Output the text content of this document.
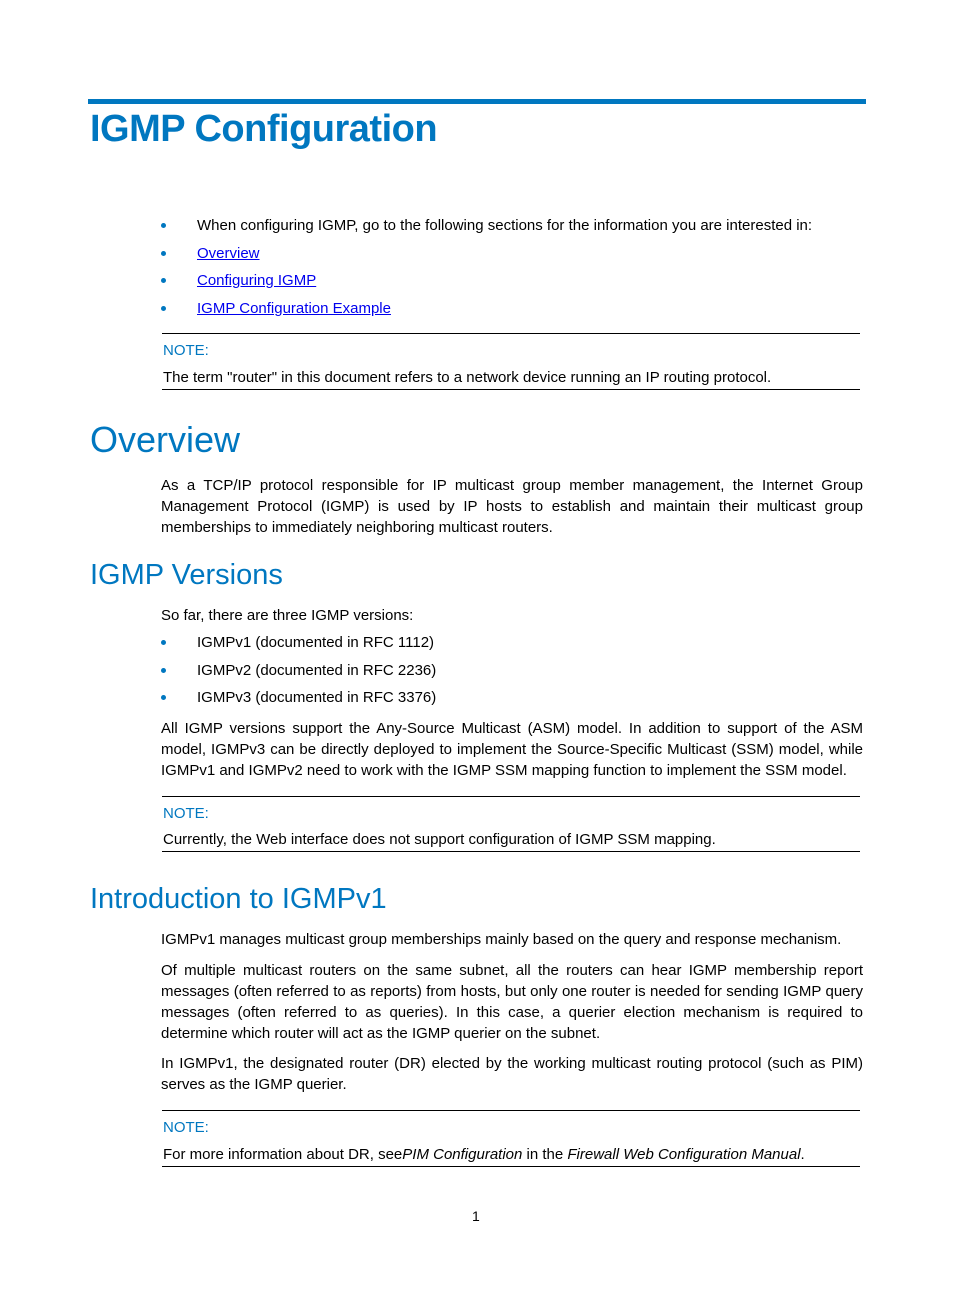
IGMP Configuration
When configuring IGMP, go to the following sections for the information you are interested in:
Overview
Configuring IGMP
IGMP Configuration Example
NOTE:
The term "router" in this document refers to a network device running an IP routing protocol.
Overview
As a TCP/IP protocol responsible for IP multicast group member management, the Internet Group Management Protocol (IGMP) is used by IP hosts to establish and maintain their multicast group memberships to immediately neighboring multicast routers.
IGMP Versions
So far, there are three IGMP versions:
IGMPv1 (documented in RFC 1112)
IGMPv2 (documented in RFC 2236)
IGMPv3 (documented in RFC 3376)
All IGMP versions support the Any-Source Multicast (ASM) model. In addition to support of the ASM model, IGMPv3 can be directly deployed to implement the Source-Specific Multicast (SSM) model, while IGMPv1 and IGMPv2 need to work with the IGMP SSM mapping function to implement the SSM model.
NOTE:
Currently, the Web interface does not support configuration of IGMP SSM mapping.
Introduction to IGMPv1
IGMPv1 manages multicast group memberships mainly based on the query and response mechanism.
Of multiple multicast routers on the same subnet, all the routers can hear IGMP membership report messages (often referred to as reports) from hosts, but only one router is needed for sending IGMP query messages (often referred to as queries). In this case, a querier election mechanism is required to determine which router will act as the IGMP querier on the subnet.
In IGMPv1, the designated router (DR) elected by the working multicast routing protocol (such as PIM) serves as the IGMP querier.
NOTE:
For more information about DR, seePIM Configuration in the Firewall Web Configuration Manual.
1
